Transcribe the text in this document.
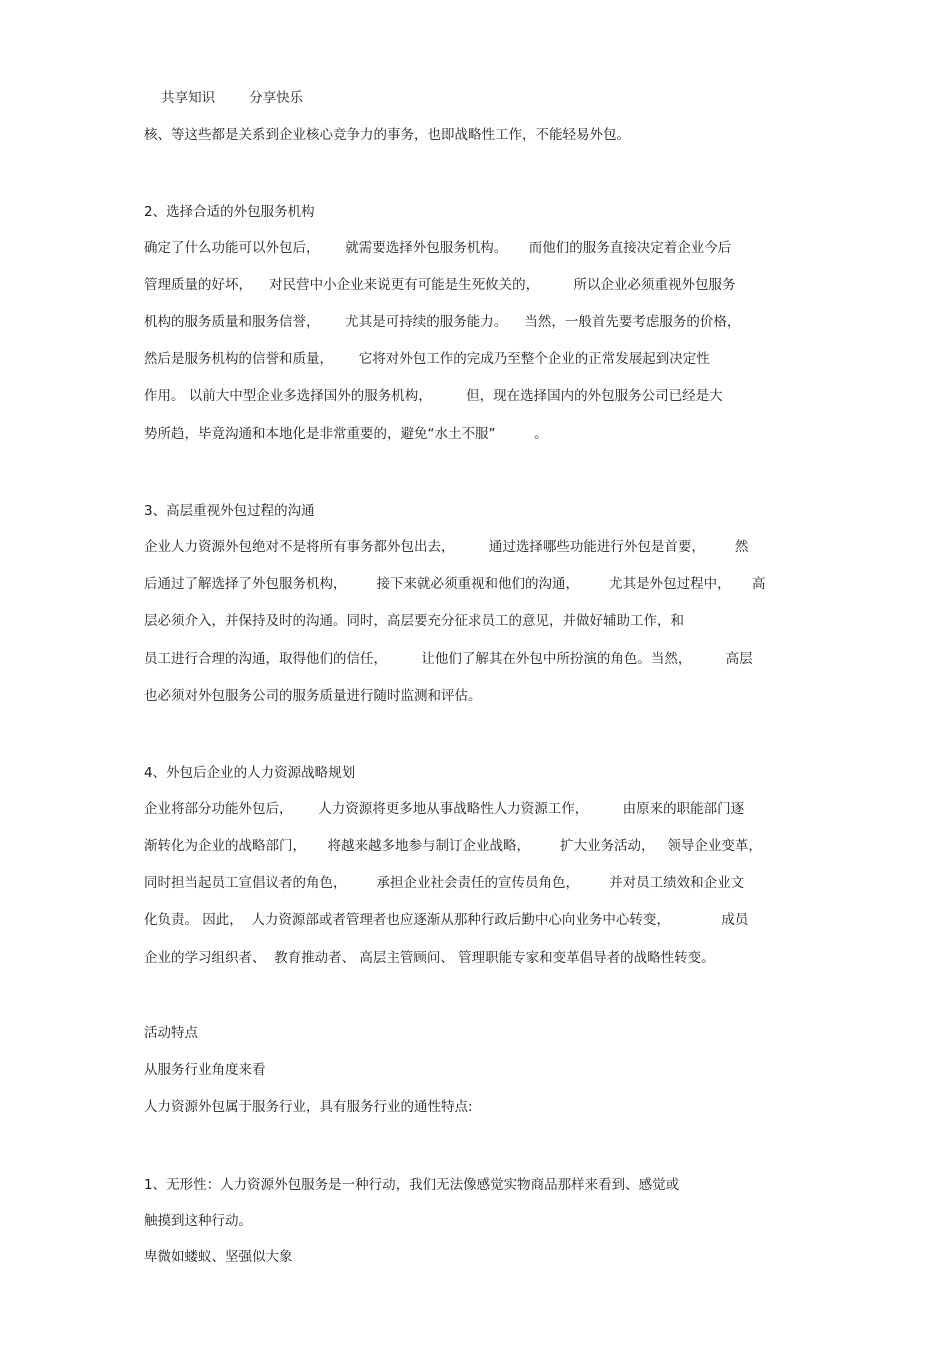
共享知识	分享快乐

核、等这些都是关系到企业核心竞争力的事务，也即战略性工作，不能轻易外包。
2、选择合适的外包服务机构
确定了什么功能可以外包后，      就需要选择外包服务机构。     而他们的服务直接决定着企业今后
管理质量的好坏，    对民营中小企业来说更有可能是生死攸关的，        所以企业必须重视外包服务
机构的服务质量和服务信誉，      尤其是可持续的服务能力。    当然，一般首先要考虑服务的价格，
然后是服务机构的信誉和质量，      它将对外包工作的完成乃至整个企业的正常发展起到决定性
作用。 以前大中型企业多选择国外的服务机构，        但，现在选择国内的外包服务公司已经是大
势所趋，毕竟沟通和本地化是非常重要的，避免“水土不服”         。
3、高层重视外包过程的沟通
企业人力资源外包绝对不是将所有事务都外包出去，        通过选择哪些功能进行外包是首要，       然
后通过了解选择了外包服务机构，       接下来就必须重视和他们的沟通，       尤其是外包过程中，     高
层必须介入，并保持及时的沟通。同时，高层要充分征求员工的意见，并做好辅助工作，和
员工进行合理的沟通，取得他们的信任，        让他们了解其在外包中所扮演的角色。当然，        高层
也必须对外包服务公司的服务质量进行随时监测和评估。
4、外包后企业的人力资源战略规划
企业将部分功能外包后，      人力资源将更多地从事战略性人力资源工作，        由原来的职能部门逐
渐转化为企业的战略部门，     将越来越多地参与制订企业战略，       扩大业务活动，   领导企业变革，
同时担当起员工宣倡议者的角色，       承担企业社会责任的宣传员角色，       并对员工绩效和企业文
化负责。 因此，  人力资源部或者管理者也应逐渐从那种行政后勤中心向业务中心转变，            成员
企业的学习组织者、  教育推动者、 高层主管顾问、 管理职能专家和变革倡导者的战略性转变。
活动特点
从服务行业角度来看
人力资源外包属于服务行业，具有服务行业的通性特点:
1、无形性：人力资源外包服务是一种行动，我们无法像感觉实物商品那样来看到、感觉或
触摸到这种行动。
卑微如蝼蚁、坚强似大象
